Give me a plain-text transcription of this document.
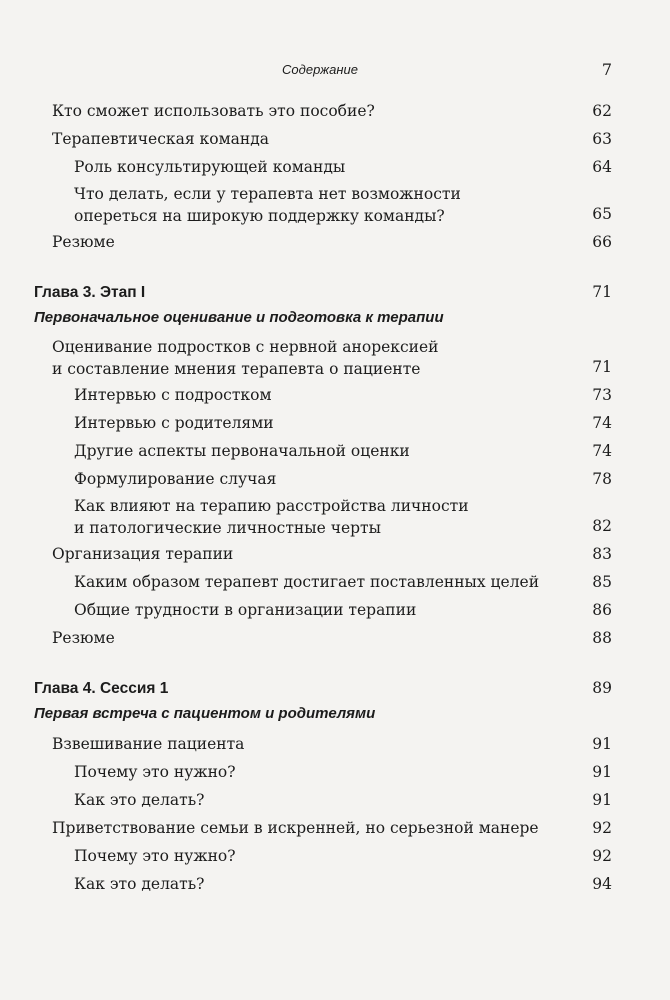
Содержание	7
Кто сможет использовать это пособие?	62
Терапевтическая команда	63
Роль консультирующей команды	64
Что делать, если у терапевта нет возможности
опереться на широкую поддержку команды?	65
Резюме	66
Глава 3. Этап I	71
Первоначальное оценивание и подготовка к терапии
Оценивание подростков с нервной анорексией
и составление мнения терапевта о пациенте	71
Интервью с подростком	73
Интервью с родителями	74
Другие аспекты первоначальной оценки	74
Формулирование случая	78
Как влияют на терапию расстройства личности
и патологические личностные черты	82
Организация терапии	83
Каким образом терапевт достигает поставленных целей	85
Общие трудности в организации терапии	86
Резюме	88
Глава 4. Сессия 1	89
Первая встреча с пациентом и родителями
Взвешивание пациента	91
Почему это нужно?	91
Как это делать?	91
Приветствование семьи в искренней, но серьезной манере	92
Почему это нужно?	92
Как это делать?	94
